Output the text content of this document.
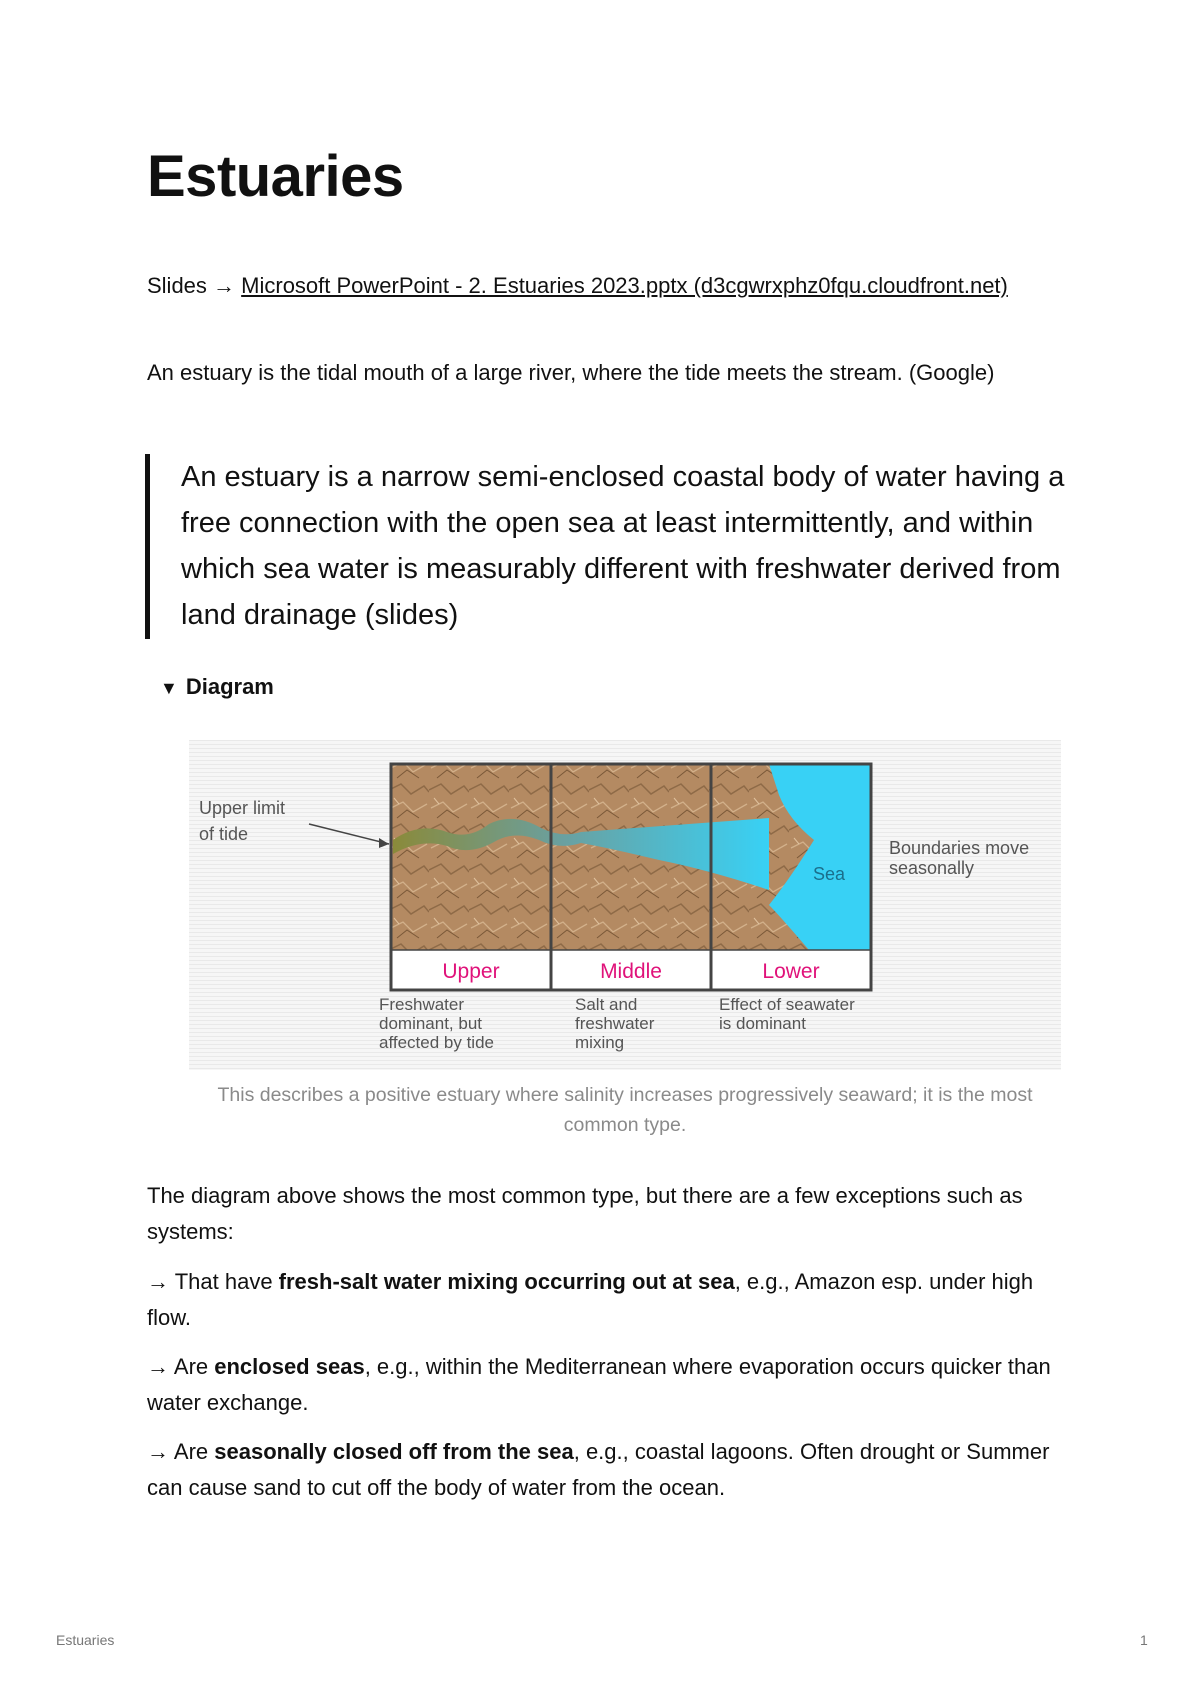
Estuaries
Slides → Microsoft PowerPoint - 2. Estuaries 2023.pptx (d3cgwrxphz0fqu.cloudfront.net)
An estuary is the tidal mouth of a large river, where the tide meets the stream. (Google)
An estuary is a narrow semi-enclosed coastal body of water having a free connection with the open sea at least intermittently, and within which sea water is measurably different with freshwater derived from land drainage (slides)
▼ Diagram
Upper	Middle	Lower
Sea
Upper limit
of tide
Boundaries move
seasonally
Freshwater
dominant, but
affected by tide
Salt and
freshwater
mixing
Effect of seawater
is dominant
This describes a positive estuary where salinity increases progressively seaward; it is the most common type.
The diagram above shows the most common type, but there are a few exceptions such as systems:
→ That have fresh-salt water mixing occurring out at sea, e.g., Amazon esp. under high flow.
→ Are enclosed seas, e.g., within the Mediterranean where evaporation occurs quicker than water exchange.
→ Are seasonally closed off from the sea, e.g., coastal lagoons. Often drought or Summer can cause sand to cut off the body of water from the ocean.
Estuaries	1
